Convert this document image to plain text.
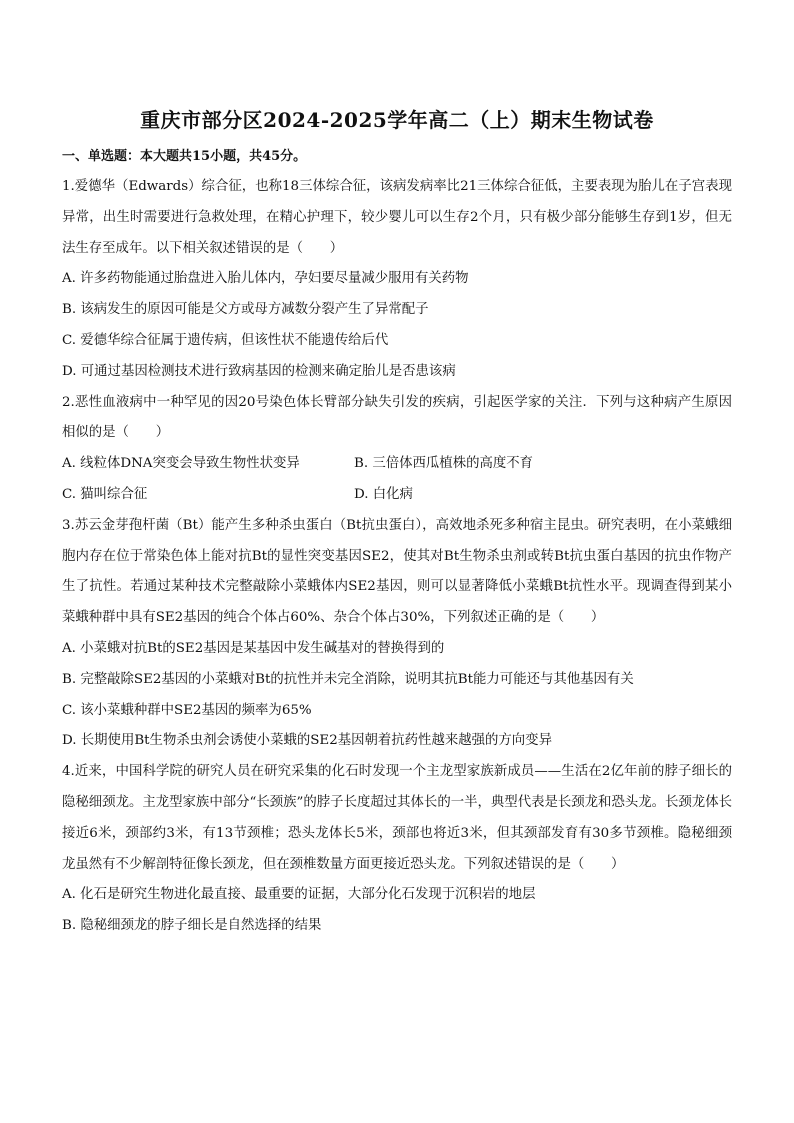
重庆市部分区2024-2025学年高二（上）期末生物试卷
一、单选题：本大题共15小题，共45分。

1.爱德华（Edwards）综合征，也称18三体综合征，该病发病率比21三体综合征低，主要表现为胎儿在子宫表现异常，出生时需要进行急救处理，在精心护理下，较少婴儿可以生存2个月，只有极少部分能够生存到1岁，但无法生存至成年。以下相关叙述错误的是（　　）

A. 许多药物能通过胎盘进入胎儿体内，孕妇要尽量减少服用有关药物

B. 该病发生的原因可能是父方或母方减数分裂产生了异常配子

C. 爱德华综合征属于遗传病，但该性状不能遗传给后代

D. 可通过基因检测技术进行致病基因的检测来确定胎儿是否患该病

2.恶性血液病中一种罕见的因20号染色体长臂部分缺失引发的疾病，引起医学家的关注．下列与这种病产生原因相似的是（　　）

A. 线粒体DNA突变会导致生物性状变异	B. 三倍体西瓜植株的高度不育
C. 猫叫综合征	D. 白化病

3.苏云金芽孢杆菌（Bt）能产生多种杀虫蛋白（Bt抗虫蛋白），高效地杀死多种宿主昆虫。研究表明，在小菜蛾细胞内存在位于常染色体上能对抗Bt的显性突变基因SE2，使其对Bt生物杀虫剂或转Bt抗虫蛋白基因的抗虫作物产生了抗性。若通过某种技术完整敲除小菜蛾体内SE2基因，则可以显著降低小菜蛾Bt抗性水平。现调查得到某小菜蛾种群中具有SE2基因的纯合个体占60%、杂合个体占30%，下列叙述正确的是（　　）

A. 小菜蛾对抗Bt的SE2基因是某基因中发生碱基对的替换得到的

B. 完整敲除SE2基因的小菜蛾对Bt的抗性并未完全消除，说明其抗Bt能力可能还与其他基因有关

C. 该小菜蛾种群中SE2基因的频率为65%

D. 长期使用Bt生物杀虫剂会诱使小菜蛾的SE2基因朝着抗药性越来越强的方向变异

4.近来，中国科学院的研究人员在研究采集的化石时发现一个主龙型家族新成员——生活在2亿年前的脖子细长的隐秘细颈龙。主龙型家族中部分“长颈族”的脖子长度超过其体长的一半，典型代表是长颈龙和恐头龙。长颈龙体长接近6米，颈部约3米，有13节颈椎；恐头龙体长5米，颈部也将近3米，但其颈部发育有30多节颈椎。隐秘细颈龙虽然有不少解剖特征像长颈龙，但在颈椎数量方面更接近恐头龙。下列叙述错误的是（　　）

A. 化石是研究生物进化最直接、最重要的证据，大部分化石发现于沉积岩的地层

B. 隐秘细颈龙的脖子细长是自然选择的结果
